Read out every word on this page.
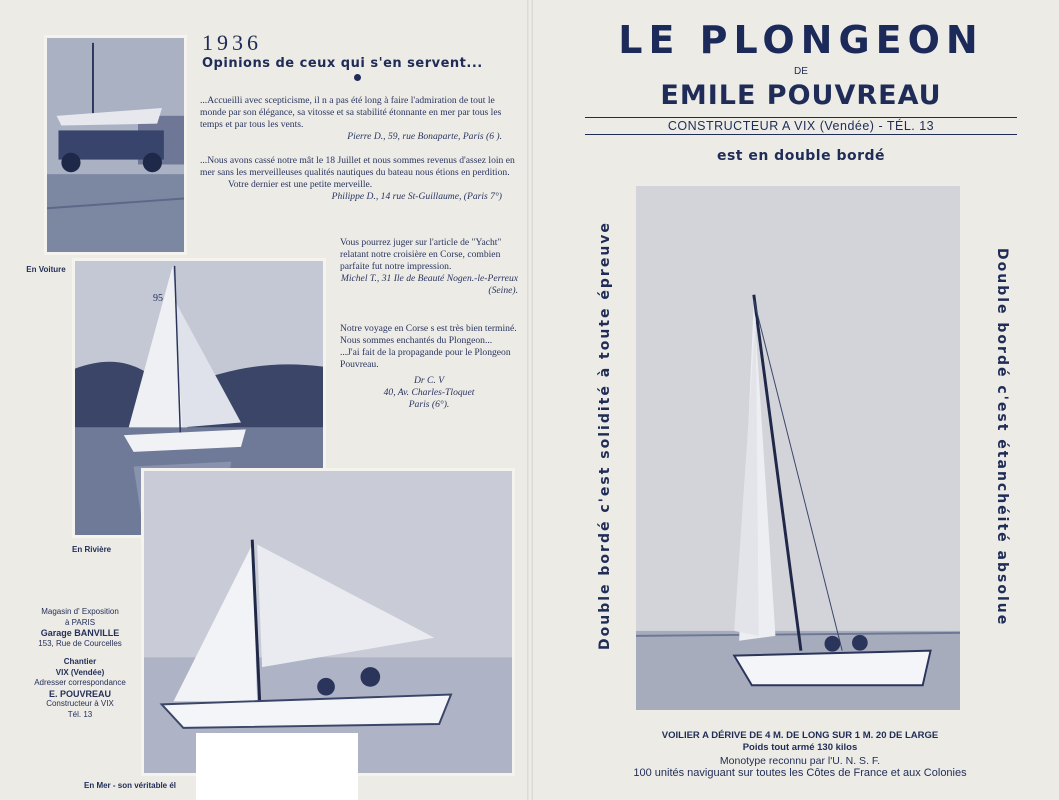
1936
Opinions de ceux qui s'en servent...
95

...Accueilli avec scepticisme, il n a pas été long à faire l'admiration de tout le monde par son élégance, sa vitosse et sa stabilité étonnante en mer par tous les temps et par tous les vents.

Pierre D., 59, rue Bonaparte, Paris (6 ).

...Nous avons cassé notre mât le 18 Juillet et nous sommes revenus d'assez loin en mer sans les merveilleuses qualités nautiques du bateau nous étions en perdition.

Votre dernier est une petite merveille.

Philippe D., 14 rue St-Guillaume, (Paris 7°)

Vous pourrez juger sur l'article de "Yacht" relatant notre croisière en Corse, combien parfaite fut notre impression.

Michel T., 31 Ile de Beauté Nogen.-le-Perreux (Seine).

Notre voyage en Corse s est très bien terminé. Nous sommes enchantés du Plongeon...

...J'ai fait de la propagande pour le Plongeon Pouvreau.

Dr C. V

40, Av. Charles-Tloquet

Paris (6°).

En Voiture
En Rivière
En Mer - son véritable él
Magasin d' Exposition
à PARIS
Garage BANVILLE
153, Rue de Courcelles
Chantier
VIX (Vendée)
Adresser correspondance
E. POUVREAU
Constructeur à VIX
Tél. 13
LE PLONGEON
DE
EMILE POUVREAU
CONSTRUCTEUR A VIX (Vendée) - TÉL. 13
est en double bordé
Double bordé c'est solidité à toute épreuve	Double bordé c'est étanchéité absolue
VOILIER A DÉRIVE DE 4 M. DE LONG SUR 1 M. 20 DE LARGE
Poids tout armé 130 kilos
Monotype reconnu par l'U. N. S. F.
100 unités naviguant sur toutes les Côtes de France et aux Colonies
